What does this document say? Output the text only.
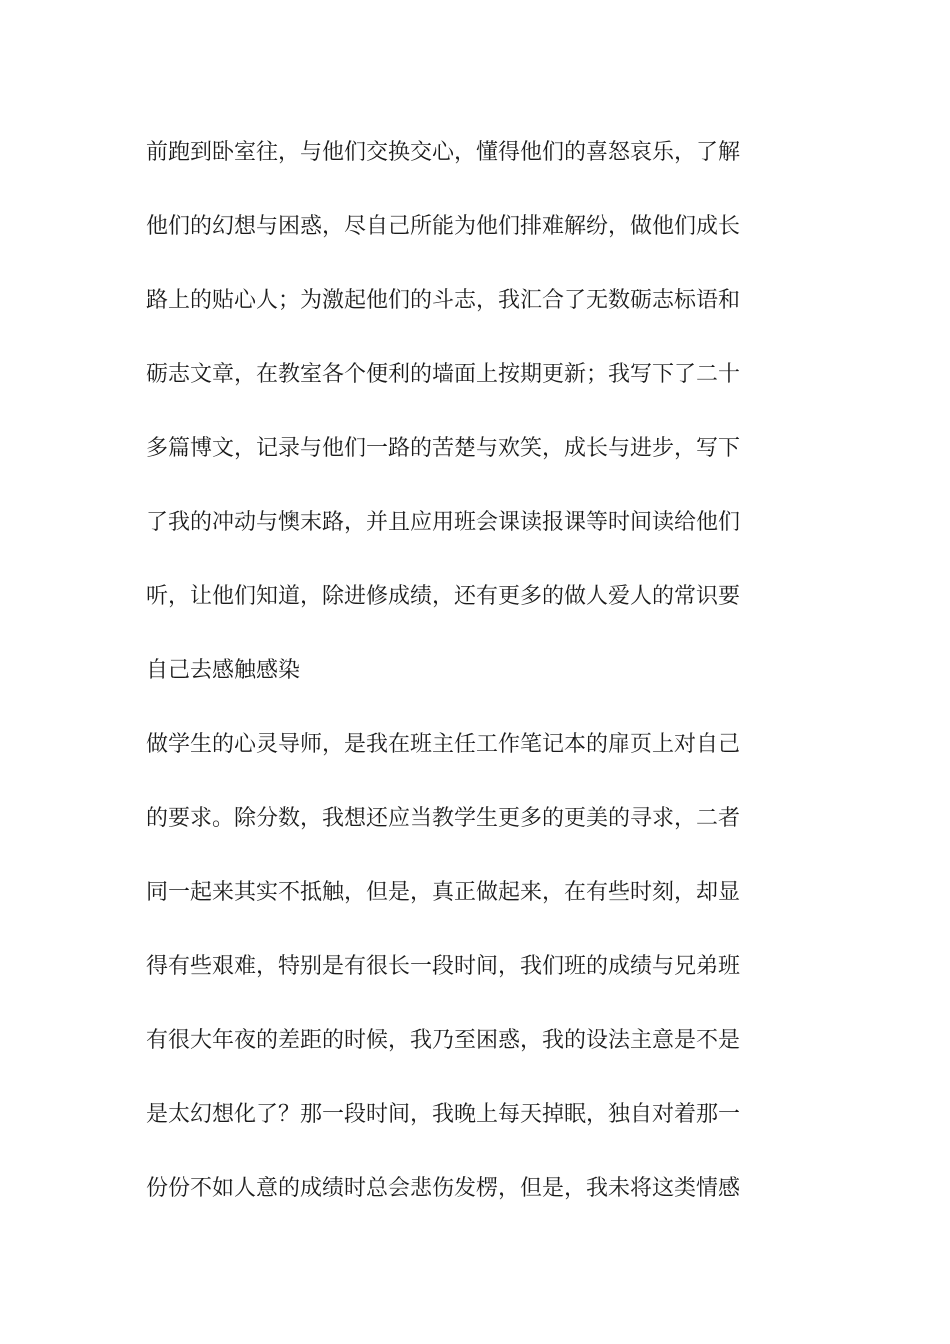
前跑到卧室往，与他们交换交心，懂得他们的喜怒哀乐，了解
他们的幻想与困惑，尽自己所能为他们排难解纷，做他们成长
路上的贴心人；为激起他们的斗志，我汇合了无数砺志标语和
砺志文章，在教室各个便利的墙面上按期更新；我写下了二十
多篇博文，记录与他们一路的苦楚与欢笑，成长与进步，写下
了我的冲动与懊末路，并且应用班会课读报课等时间读给他们
听，让他们知道，除进修成绩，还有更多的做人爱人的常识要
自己去感触感染
做学生的心灵导师，是我在班主任工作笔记本的扉页上对自己
的要求。除分数，我想还应当教学生更多的更美的寻求，二者
同一起来其实不抵触，但是，真正做起来，在有些时刻，却显
得有些艰难，特别是有很长一段时间，我们班的成绩与兄弟班
有很大年夜的差距的时候，我乃至困惑，我的设法主意是不是
是太幻想化了？那一段时间，我晚上每天掉眠，独自对着那一
份份不如人意的成绩时总会悲伤发楞，但是，我未将这类情感
